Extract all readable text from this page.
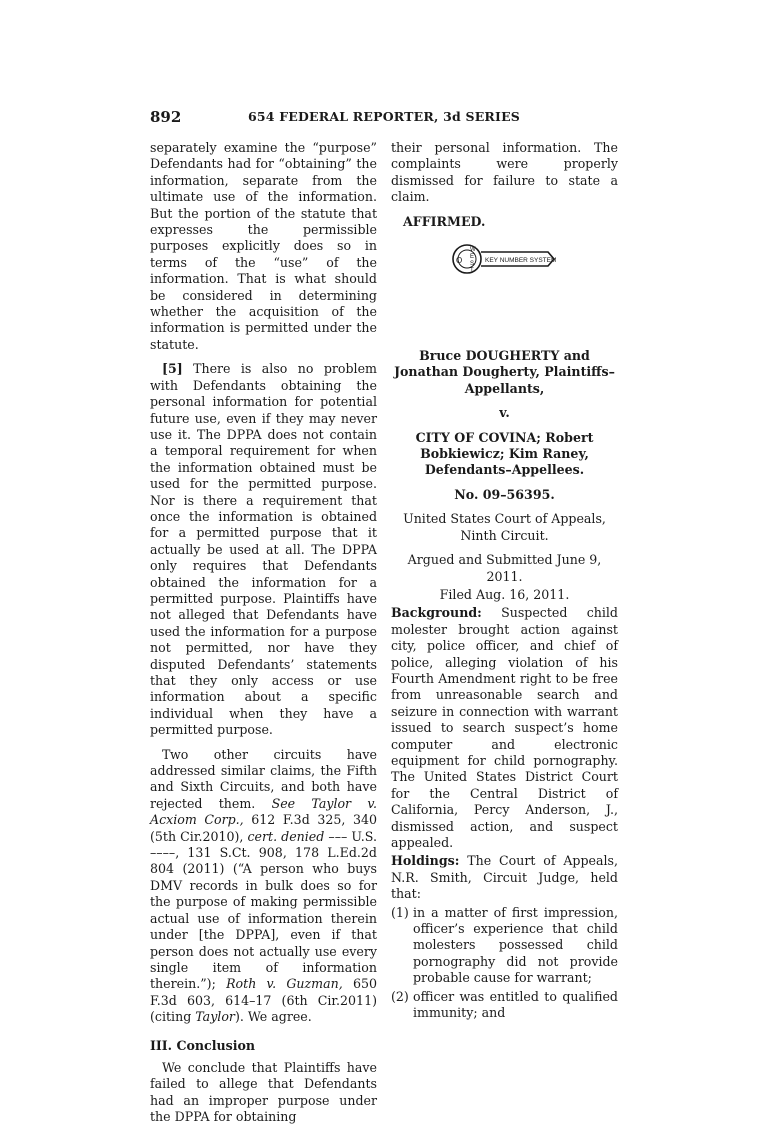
892	654 FEDERAL REPORTER, 3d SERIES

separately examine the “purpose” Defendants had for “obtaining” the information, separate from the ultimate use of the information. But the portion of the statute that expresses the permissible purposes explicitly does so in terms of the “use” of the information. That is what should be considered in determining whether the acquisition of the information is permitted under the statute.

[5] There is also no problem with Defendants obtaining the personal information for potential future use, even if they may never use it. The DPPA does not contain a temporal requirement for when the information obtained must be used for the permitted purpose. Nor is there a requirement that once the information is obtained for a permitted purpose that it actually be used at all. The DPPA only requires that Defendants obtained the information for a permitted purpose. Plaintiffs have not alleged that Defendants have used the information for a purpose not permitted, nor have they disputed Defendants’ statements that they only access or use information about a specific individual when they have a permitted purpose.

Two other circuits have addressed similar claims, the Fifth and Sixth Circuits, and both have rejected them. See Taylor v. Acxiom Corp., 612 F.3d 325, 340 (5th Cir.2010), cert. denied ––– U.S. ––––, 131 S.Ct. 908, 178 L.Ed.2d 804 (2011) (“A person who buys DMV records in bulk does so for the purpose of making permissible actual use of information therein under [the DPPA], even if that person does not actually use every single item of information therein.”); Roth v. Guzman, 650 F.3d 603, 614–17 (6th Cir.2011) (citing Taylor). We agree.

III. Conclusion

We conclude that Plaintiffs have failed to allege that Defendants had an improper purpose under the DPPA for obtaining

their personal information. The complaints were properly dismissed for failure to state a claim.

AFFIRMED.

O
W
E
S
T
KEY NUMBER SYSTEM

Bruce DOUGHERTY and Jonathan Dougherty, Plaintiffs–Appellants,

v.

CITY OF COVINA; Robert Bobkiewicz; Kim Raney, Defendants–Appellees.

No. 09–56395.

United States Court of Appeals, Ninth Circuit.

Argued and Submitted June 9, 2011.

Filed Aug. 16, 2011.

Background: Suspected child molester brought action against city, police officer, and chief of police, alleging violation of his Fourth Amendment right to be free from unreasonable search and seizure in connection with warrant issued to search suspect’s home computer and electronic equipment for child pornography. The United States District Court for the Central District of California, Percy Anderson, J., dismissed action, and suspect appealed.

Holdings: The Court of Appeals, N.R. Smith, Circuit Judge, held that:

(1) in a matter of first impression, officer’s experience that child molesters possessed child pornography did not provide probable cause for warrant;
(2) officer was entitled to qualified immunity; and
